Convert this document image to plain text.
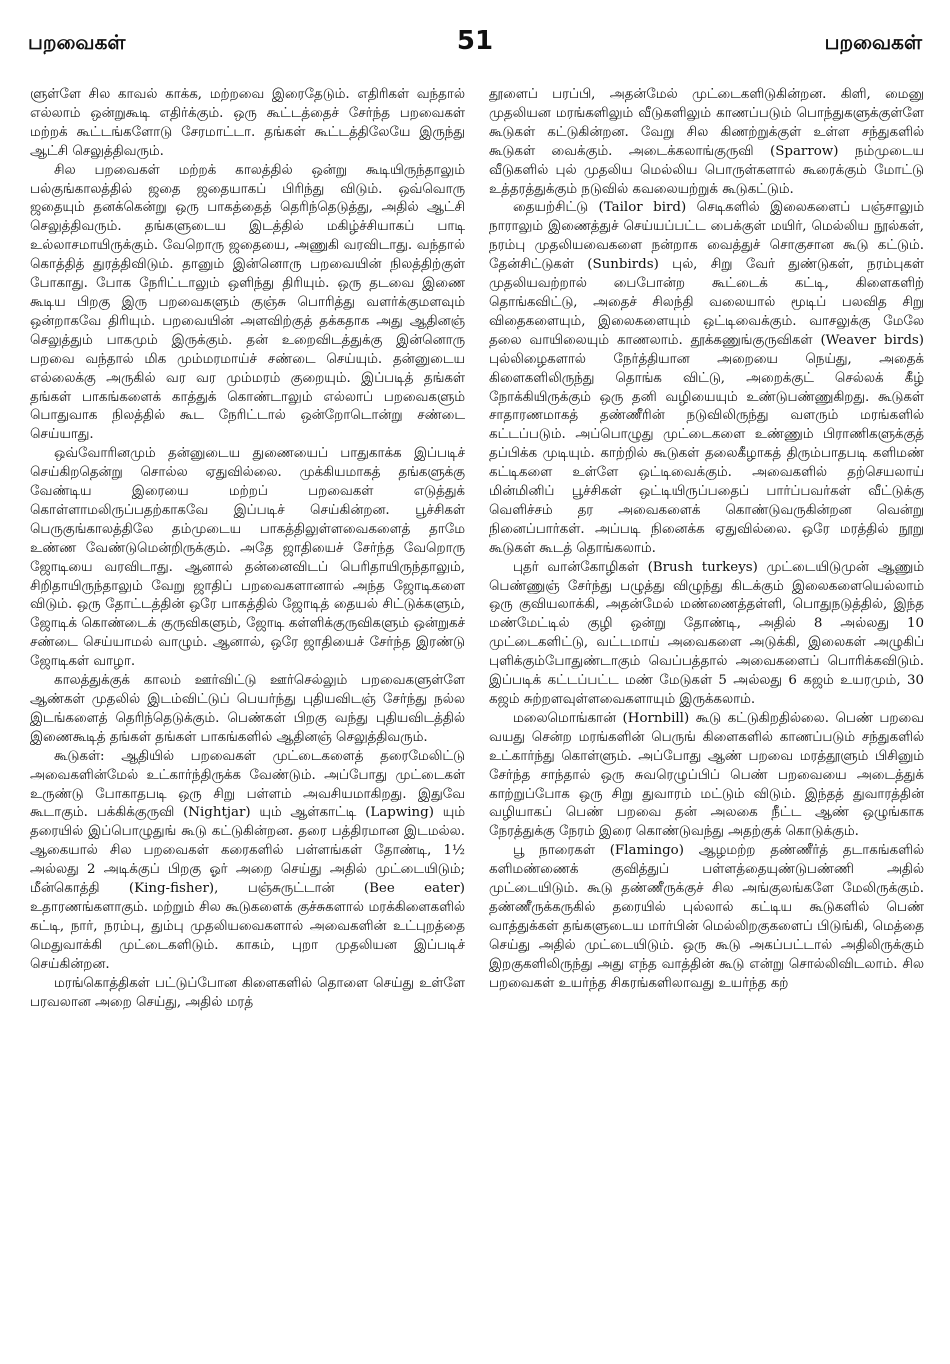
பறவைகள்	51	பறவைகள்

ளுள்ளே சில காவல் காக்க, மற்றவை இரைதேடும். எதிரிகள் வந்தால் எல்லாம் ஒன்றுகூடி எதிர்க்கும். ஒரு கூட்டத்தைச் சேர்ந்த பறவைகள் மற்றக் கூட்டங்களோடு சேரமாட்டா. தங்கள் கூட்டத்திலேயே இருந்து ஆட்சி செலுத்திவரும்.

சில பறவைகள் மற்றக் காலத்தில் ஒன்று கூடியிருந்தாலும் பல்குங்காலத்தில் ஜதை ஜதையாகப் பிரிந்து விடும். ஒவ்வொரு ஜதையும் தனக்கென்று ஒரு பாகத்தைத் தெரிந்தெடுத்து, அதில் ஆட்சி செலுத்திவரும். தங்களுடைய இடத்தில் மகிழ்ச்சியாகப் பாடி உல்லாசமாயிருக்கும். வேறொரு ஜதையை, அணுகி வரவிடாது. வந்தால் கொத்தித் துரத்திவிடும். தானும் இன்னொரு பறவையின் நிலத்திற்குள் போகாது. போக நேரிட்டாலும் ஒளிந்து திரியும். ஒரு தடவை இணை கூடிய பிறகு இரு பறவைகளும் குஞ்சு பொரித்து வளர்க்குமளவும் ஒன்றாகவே திரியும். பறவையின் அளவிற்குத் தக்கதாக அது ஆதினஞ் செலுத்தும் பாகமும் இருக்கும். தன் உறைவிடத்துக்கு இன்னொரு பறவை வந்தால் மிக மும்மரமாய்ச் சண்டை செய்யும். தன்னுடைய எல்லைக்கு அருகில் வர வர மும்மரம் குறையும். இப்படித் தங்கள் தங்கள் பாகங்களைக் காத்துக் கொண்டாலும் எல்லாப் பறவைகளும் பொதுவாக நிலத்தில் கூட நேரிட்டால் ஒன்றோடொன்று சண்டை செய்யாது.

ஒவ்வோரினமும் தன்னுடைய துணையைப் பாதுகாக்க இப்படிச் செய்கிறதென்று சொல்ல ஏதுவில்லை. முக்கியமாகத் தங்களுக்கு வேண்டிய இரையை மற்றப் பறவைகள் எடுத்துக் கொள்ளாமலிருப்பதற்காகவே இப்படிச் செய்கின்றன. பூச்சிகள் பெருகுங்காலத்திலே தம்முடைய பாகத்திலுள்ளவைகளைத் தாமே உண்ண வேண்டுமென்றிருக்கும். அதே ஜாதியைச் சேர்ந்த வேறொரு ஜோடியை வரவிடாது. ஆனால் தன்னைவிடப் பெரிதாயிருந்தாலும், சிறிதாயிருந்தாலும் வேறு ஜாதிப் பறவைகளானால் அந்த ஜோடிகளை விடும். ஒரு தோட்டத்தின் ஒரே பாகத்தில் ஜோடித் தையல் சிட்டுக்களும், ஜோடிக் கொண்டைக் குருவிகளும், ஜோடி கள்ளிக்குருவிகளும் ஒன்றுகச் சண்டை செய்யாமல் வாழும். ஆனால், ஒரே ஜாதியைச் சேர்ந்த இரண்டு ஜோடிகள் வாழா.

காலத்துக்குக் காலம் ஊர்விட்டு ஊர்செல்லும் பறவைகளுள்ளே ஆண்கள் முதலில் இடம்விட்டுப் பெயர்ந்து புதியவிடஞ் சேர்ந்து நல்ல இடங்களைத் தெரிந்தெடுக்கும். பெண்கள் பிறகு வந்து புதியவிடத்தில் இணைகூடித் தங்கள் தங்கள் பாகங்களில் ஆதினஞ் செலுத்திவரும்.

கூடுகள்: ஆதியில் பறவைகள் முட்டைகளைத் தரைமேலிட்டு அவைகளின்மேல் உட்கார்ந்திருக்க வேண்டும். அப்போது முட்டைகள் உருண்டு போகாதபடி ஒரு சிறு பள்ளம் அவசியமாகிறது. இதுவே கூடாகும். பக்கிக்குருவி (Nightjar) யும் ஆள்காட்டி (Lapwing) யும் தரையில் இப்பொழுதுங் கூடு கட்டுகின்றன. தரை பத்திரமான இடமல்ல. ஆகையால் சில பறவைகள் கரைகளில் பள்ளங்கள் தோண்டி, 1½ அல்லது 2 அடிக்குப் பிறகு ஓர் அறை செய்து அதில் முட்டையிடும்; மீன்கொத்தி (King-fisher), பஞ்சுருட்டான் (Bee eater) உதாரணங்களாகும். மற்றும் சில கூடுகளைக் குச்சுகளால் மரக்கிளைகளில் கட்டி, நார், நரம்பு, தும்பு முதலியவைகளால் அவைகளின் உட்புறத்தை மெதுவாக்கி முட்டைகளிடும். காகம், புறா முதலியன இப்படிச் செய்கின்றன.

மரங்கொத்திகள் பட்டுப்போன கிளைகளில் தொளை செய்து உள்ளே பரவலான அறை செய்து, அதில் மரத்

தூளைப் பரப்பி, அதன்மேல் முட்டைகளிடுகின்றன. கிளி, மைனு முதலியன மரங்களிலும் வீடுகளிலும் காணப்படும் பொந்துகளுக்குள்ளே கூடுகள் கட்டுகின்றன. வேறு சில கிணற்றுக்குள் உள்ள சந்துகளில் கூடுகள் வைக்கும். அடைக்கலாங்குருவி (Sparrow) நம்முடைய வீடுகளில் புல் முதலிய மெல்லிய பொருள்களால் கூரைக்கும் மோட்டு உத்தரத்துக்கும் நடுவில் கவலையற்றுக் கூடுகட்டும்.

தையற்சிட்டு (Tailor bird) செடிகளில் இலைகளைப் பஞ்சாலும் நாராலும் இணைத்துச் செய்யப்பட்ட பைக்குள் மயிர், மெல்லிய நூல்கள், நரம்பு முதலியவைகளை நன்றாக வைத்துச் சொகுசான கூடு கட்டும். தேன்சிட்டுகள் (Sunbirds) புல், சிறு வேர் துண்டுகள், நரம்புகள் முதலியவற்றால் பைபோன்ற கூட்டைக் கட்டி, கிளைகளிற் தொங்கவிட்டு, அதைச் சிலந்தி வலையால் மூடிப் பலவித சிறு விதைகளையும், இலைகளையும் ஒட்டிவைக்கும். வாசலுக்கு மேலே தலை வாயிலையும் காணலாம். தூக்கணுங்குருவிகள் (Weaver birds) புல்லிழைகளால் நேர்த்தியான அறையை நெய்து, அதைக் கிளைகளிலிருந்து தொங்க விட்டு, அறைக்குட் செல்லக் கீழ் நோக்கியிருக்கும் ஒரு தனி வழியையும் உண்டுபண்ணுகிறது. கூடுகள் சாதாரணமாகத் தண்ணீரின் நடுவிலிருந்து வளரும் மரங்களில் கட்டப்படும். அப்பொழுது முட்டைகளை உண்ணும் பிராணிகளுக்குத் தப்பிக்க முடியும். காற்றில் கூடுகள் தலைகீழாகத் திரும்பாதபடி களிமண் கட்டிகளை உள்ளே ஒட்டிவைக்கும். அவைகளில் தற்செயலாய் மின்மினிப் பூச்சிகள் ஒட்டியிருப்பதைப் பார்ப்பவர்கள் வீட்டுக்கு வெளிச்சம் தர அவைகளைக் கொண்டுவருகின்றன வென்று நினைப்பார்கள். அப்படி நினைக்க ஏதுவில்லை. ஒரே மரத்தில் நூறு கூடுகள் கூடத் தொங்கலாம்.

புதர் வான்கோழிகள் (Brush turkeys) முட்டையிடுமுன் ஆணும் பெண்ணுஞ் சேர்ந்து பழுத்து விழுந்து கிடக்கும் இலைகளையெல்லாம் ஒரு குவியலாக்கி, அதன்மேல் மண்ணைத்தள்ளி, பொதுநடுத்தில், இந்த மண்மேட்டில் குழி ஒன்று தோண்டி, அதில் 8 அல்லது 10 முட்டைகளிட்டு, வட்டமாய் அவைகளை அடுக்கி, இலைகள் அழுகிப் புளிக்கும்போதுண்டாகும் வெப்பத்தால் அவைகளைப் பொரிக்கவிடும். இப்படிக் கட்டப்பட்ட மண் மேடுகள் 5 அல்லது 6 கஜம் உயரமும், 30 கஜம் சுற்றளவுள்ளவைகளாயும் இருக்கலாம்.

மலைமொங்கான் (Hornbill) கூடு கட்டுகிறதில்லை. பெண் பறவை வயது சென்ற மரங்களின் பெருங் கிளைகளில் காணப்படும் சந்துகளில் உட்கார்ந்து கொள்ளும். அப்போது ஆண் பறவை மரத்தூளும் பிசினும் சேர்ந்த சாந்தால் ஒரு சுவரெழுப்பிப் பெண் பறவையை அடைத்துக் காற்றுப்போக ஒரு சிறு துவாரம் மட்டும் விடும். இந்தத் துவாரத்தின் வழியாகப் பெண் பறவை தன் அலகை நீட்ட ஆண் ஒழுங்காக நேரத்துக்கு நேரம் இரை கொண்டுவந்து அதற்குக் கொடுக்கும்.

பூ நாரைகள் (Flamingo) ஆழமற்ற தண்ணீர்த் தடாகங்களில் களிமண்ணைக் குவித்துப் பள்ளத்தையுண்டுபண்ணி அதில் முட்டையிடும். கூடு தண்ணீருக்குச் சில அங்குலங்களே மேலிருக்கும். தண்ணீருக்கருகில் தரையில் புல்லால் கட்டிய கூடுகளில் பெண் வாத்துக்கள் தங்களுடைய மார்பின் மெல்லிறகுகளைப் பிடுங்கி, மெத்தை செய்து அதில் முட்டையிடும். ஒரு கூடு அகப்பட்டால் அதிலிருக்கும் இறகுகளிலிருந்து அது எந்த வாத்தின் கூடு என்று சொல்லிவிடலாம். சில பறவைகள் உயர்ந்த சிகரங்களிலாவது உயர்ந்த கற்
